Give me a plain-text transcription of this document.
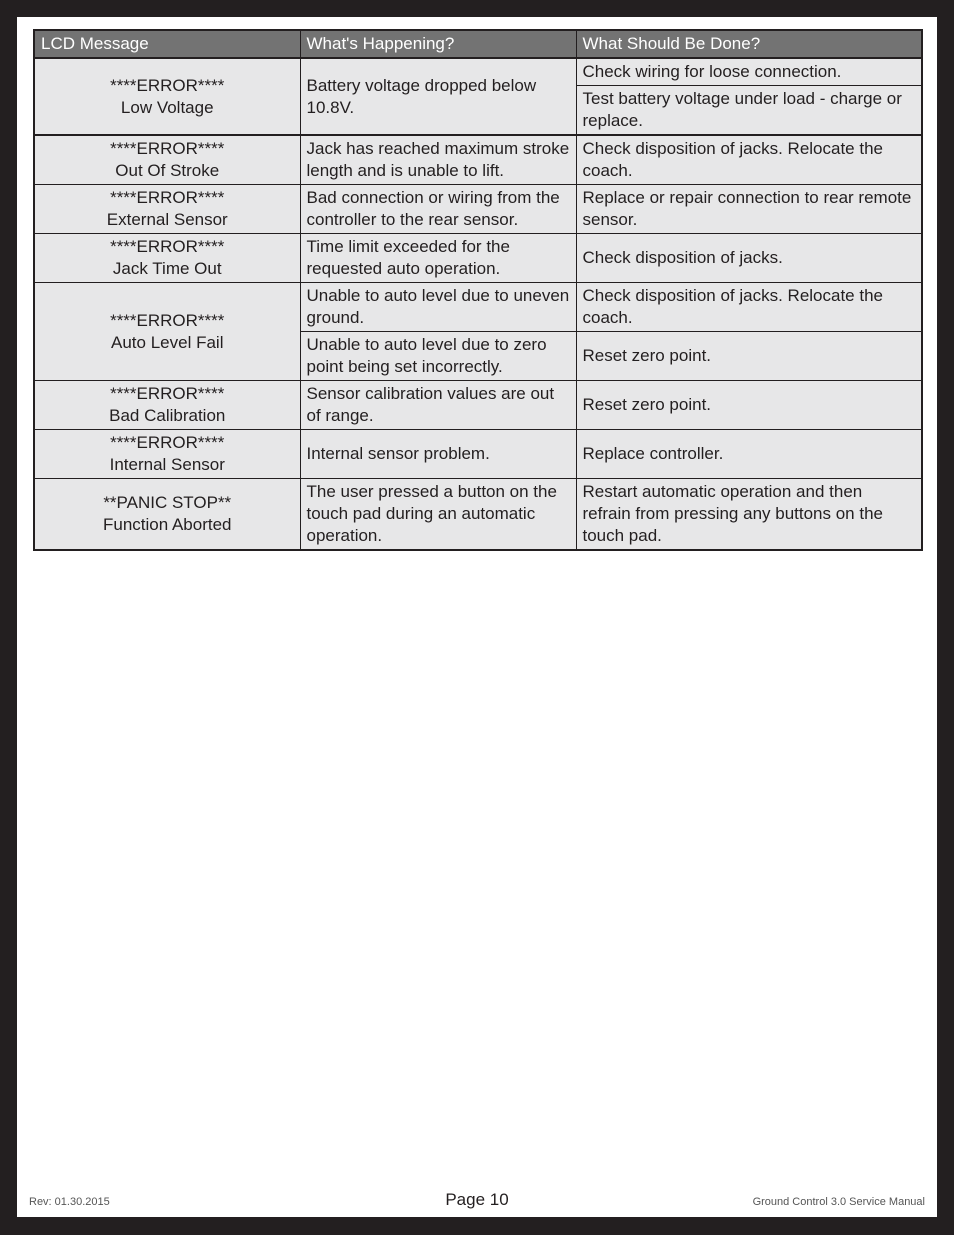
LCD Message	What's Happening?	What Should Be Done?

****ERROR****
Low Voltage	Battery voltage dropped below 10.8V.	Check wiring for loose connection.
		Test battery voltage under load - charge or replace.

****ERROR****
Out Of Stroke	Jack has reached maximum stroke length and is unable to lift.	Check disposition of jacks. Relocate the coach.

****ERROR****
External Sensor	Bad connection or wiring from the controller to the rear sensor.	Replace or repair connection to rear remote sensor.

****ERROR****
Jack Time Out	Time limit exceeded for the requested auto operation.	Check disposition of jacks.

****ERROR****
Auto Level Fail	Unable to auto level due to uneven ground.	Check disposition of jacks. Relocate the coach.
	Unable to auto level due to zero point being set incorrectly.	Reset zero point.

****ERROR****
Bad Calibration	Sensor calibration values are out of range.	Reset zero point.

****ERROR****
Internal Sensor	Internal sensor problem.	Replace controller.

**PANIC STOP**
Function Aborted	The user pressed a button on the touch pad during an automatic operation.	Restart automatic operation and then refrain from pressing any buttons on the touch pad.
Rev: 01.30.2015	Page 10	Ground Control 3.0 Service Manual
